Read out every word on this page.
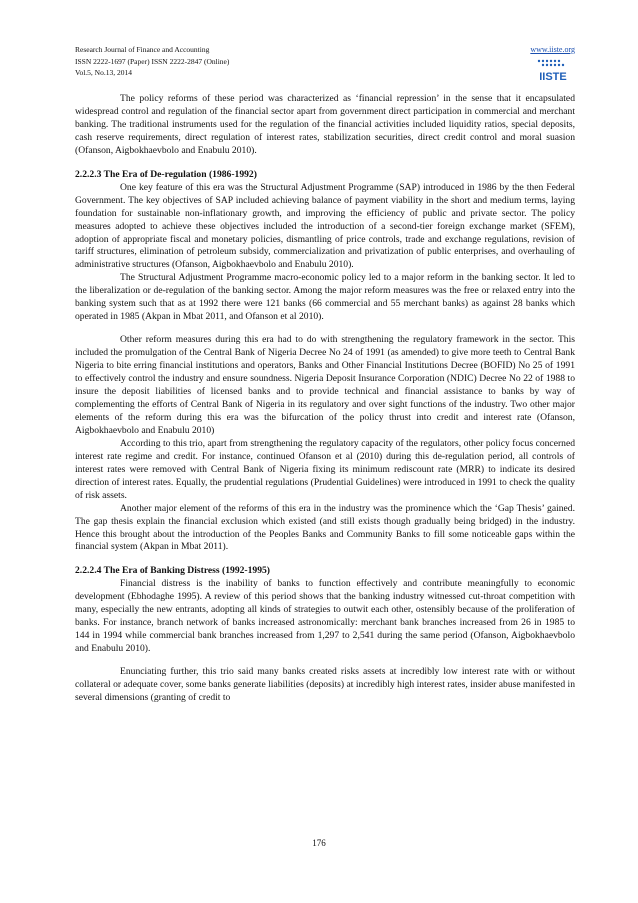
Research Journal of Finance and Accounting
ISSN 2222-1697 (Paper) ISSN 2222-2847 (Online)
Vol.5, No.13, 2014
www.iiste.org
IISTE

The policy reforms of these period was characterized as ‘financial repression’ in the sense that it encapsulated widespread control and regulation of the financial sector apart from government direct participation in commercial and merchant banking. The traditional instruments used for the regulation of the financial activities included liquidity ratios, special deposits, cash reserve requirements, direct regulation of interest rates, stabilization securities, direct credit control and moral suasion (Ofanson, Aigbokhaevbolo and Enabulu 2010).

2.2.2.3 The Era of De-regulation (1986-1992)

One key feature of this era was the Structural Adjustment Programme (SAP) introduced in 1986 by the then Federal Government. The key objectives of SAP included achieving balance of payment viability in the short and medium terms, laying foundation for sustainable non-inflationary growth, and improving the efficiency of public and private sector. The policy measures adopted to achieve these objectives included the introduction of a second-tier foreign exchange market (SFEM), adoption of appropriate fiscal and monetary policies, dismantling of price controls, trade and exchange regulations, revision of tariff structures, elimination of petroleum subsidy, commercialization and privatization of public enterprises, and overhauling of administrative structures (Ofanson, Aigbokhaevbolo and Enabulu 2010).

The Structural Adjustment Programme macro-economic policy led to a major reform in the banking sector. It led to the liberalization or de-regulation of the banking sector. Among the major reform measures was the free or relaxed entry into the banking system such that as at 1992 there were 121 banks (66 commercial and 55 merchant banks) as against 28 banks which operated in 1985 (Akpan in Mbat 2011, and Ofanson et al 2010).

Other reform measures during this era had to do with strengthening the regulatory framework in the sector. This included the promulgation of the Central Bank of Nigeria Decree No 24 of 1991 (as amended) to give more teeth to Central Bank Nigeria to bite erring financial institutions and operators, Banks and Other Financial Institutions Decree (BOFID) No 25 of 1991 to effectively control the industry and ensure soundness. Nigeria Deposit Insurance Corporation (NDIC) Decree No 22 of 1988 to insure the deposit liabilities of licensed banks and to provide technical and financial assistance to banks by way of complementing the efforts of Central Bank of Nigeria in its regulatory and over sight functions of the industry. Two other major elements of the reform during this era was the bifurcation of the policy thrust into credit and interest rate (Ofanson, Aigbokhaevbolo and Enabulu 2010)

According to this trio, apart from strengthening the regulatory capacity of the regulators, other policy focus concerned interest rate regime and credit. For instance, continued Ofanson et al (2010) during this de-regulation period, all controls of interest rates were removed with Central Bank of Nigeria fixing its minimum rediscount rate (MRR) to indicate its desired direction of interest rates. Equally, the prudential regulations (Prudential Guidelines) were introduced in 1991 to check the quality of risk assets.

Another major element of the reforms of this era in the industry was the prominence which the ‘Gap Thesis’ gained. The gap thesis explain the financial exclusion which existed (and still exists though gradually being bridged) in the industry. Hence this brought about the introduction of the Peoples Banks and Community Banks to fill some noticeable gaps within the financial system (Akpan in Mbat 2011).

2.2.2.4 The Era of Banking Distress (1992-1995)

Financial distress is the inability of banks to function effectively and contribute meaningfully to economic development (Ebhodaghe 1995). A review of this period shows that the banking industry witnessed cut-throat competition with many, especially the new entrants, adopting all kinds of strategies to outwit each other, ostensibly because of the proliferation of banks. For instance, branch network of banks increased astronomically: merchant bank branches increased from 26 in 1985 to 144 in 1994 while commercial bank branches increased from 1,297 to 2,541 during the same period (Ofanson, Aigbokhaevbolo and Enabulu 2010).

Enunciating further, this trio said many banks created risks assets at incredibly low interest rate with or without collateral or adequate cover, some banks generate liabilities (deposits) at incredibly high interest rates, insider abuse manifested in several dimensions (granting of credit to

176
